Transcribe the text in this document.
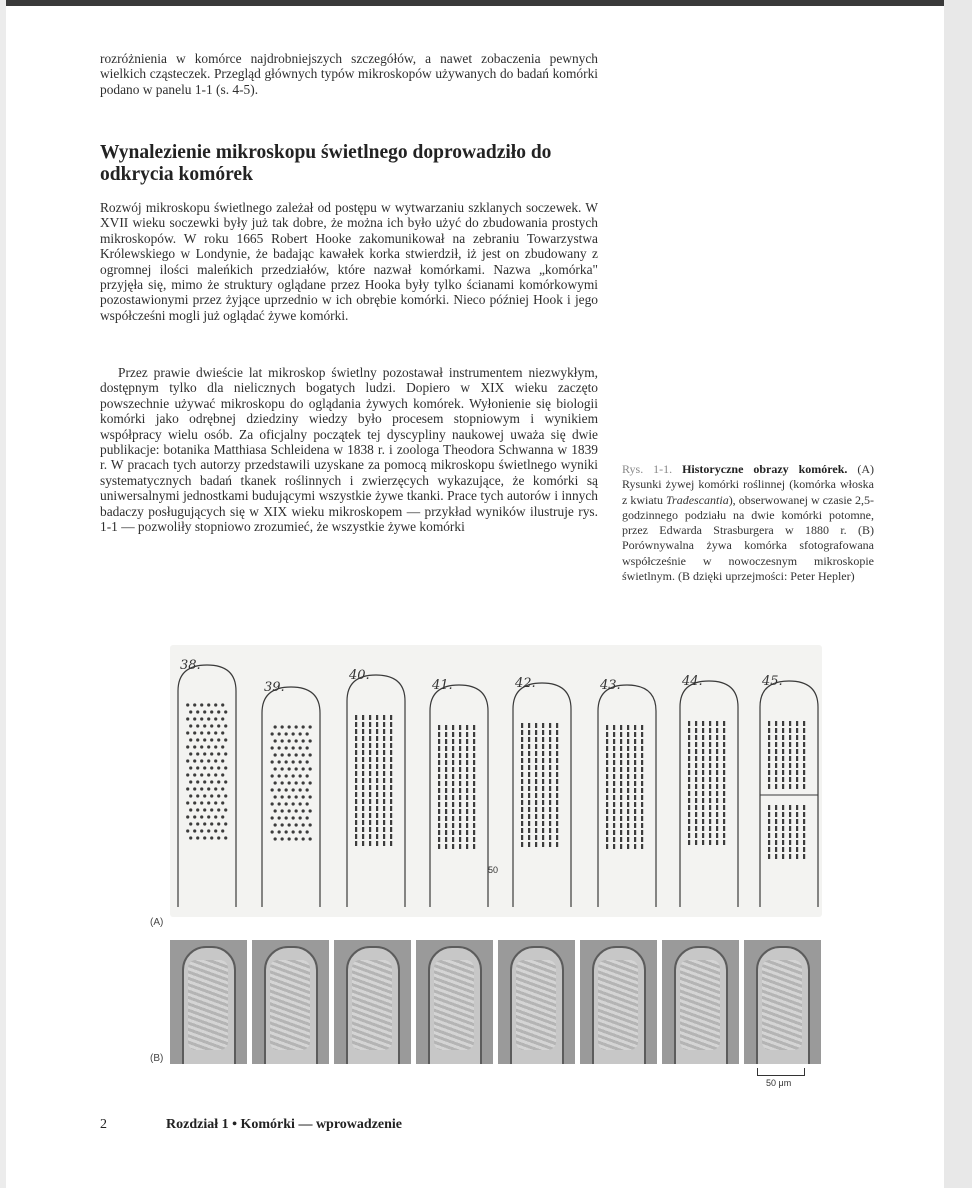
rozróżnienia w komórce najdrobniejszych szczegółów, a nawet zobaczenia pewnych wielkich cząsteczek. Przegląd głównych typów mikroskopów używanych do badań komórki podano w panelu 1-1 (s. 4-5).

Wynalezienie mikroskopu świetlnego doprowadziło do odkrycia komórek

Rozwój mikroskopu świetlnego zależał od postępu w wytwarzaniu szklanych soczewek. W XVII wieku soczewki były już tak dobre, że można ich było użyć do zbudowania prostych mikroskopów. W roku 1665 Robert Hooke zakomunikował na zebraniu Towarzystwa Królewskiego w Londynie, że badając kawałek korka stwierdził, iż jest on zbudowany z ogromnej ilości maleńkich przedziałów, które nazwał komórkami. Nazwa „komórka" przyjęła się, mimo że struktury oglądane przez Hooka były tylko ścianami komórkowymi pozostawionymi przez żyjące uprzednio w ich obrębie komórki. Nieco później Hook i jego współcześni mogli już oglądać żywe komórki.

Przez prawie dwieście lat mikroskop świetlny pozostawał instrumentem niezwykłym, dostępnym tylko dla nielicznych bogatych ludzi. Dopiero w XIX wieku zaczęto powszechnie używać mikroskopu do oglądania żywych komórek. Wyłonienie się biologii komórki jako odrębnej dziedziny wiedzy było procesem stopniowym i wynikiem współpracy wielu osób. Za oficjalny początek tej dyscypliny naukowej uważa się dwie publikacje: botanika Matthiasa Schleidena w 1838 r. i zoologa Theodora Schwanna w 1839 r. W pracach tych autorzy przedstawili uzyskane za pomocą mikroskopu świetlnego wyniki systematycznych badań tkanek roślinnych i zwierzęcych wykazujące, że komórki są uniwersalnymi jednostkami budującymi wszystkie żywe tkanki. Prace tych autorów i innych badaczy posługujących się w XIX wieku mikroskopem — przykład wyników ilustruje rys. 1-1 — pozwoliły stopniowo zrozumieć, że wszystkie żywe komórki

Rys. 1-1. Historyczne obrazy komórek. (A) Rysunki żywej komórki roślinnej (komórka włoska z kwiatu Tradescantia), obserwowanej w czasie 2,5-godzinnego podziału na dwie komórki potomne, przez Edwarda Strasburgera w 1880 r. (B) Porównywalna żywa komórka sfotografowana współcześnie w nowoczesnym mikroskopie świetlnym. (B dzięki uprzejmości: Peter Hepler)

38.
39.
40.
41.	42.	43.	44.	45.
50
(A)
(B)
50 μm
2	Rozdział 1 • Komórki — wprowadzenie
